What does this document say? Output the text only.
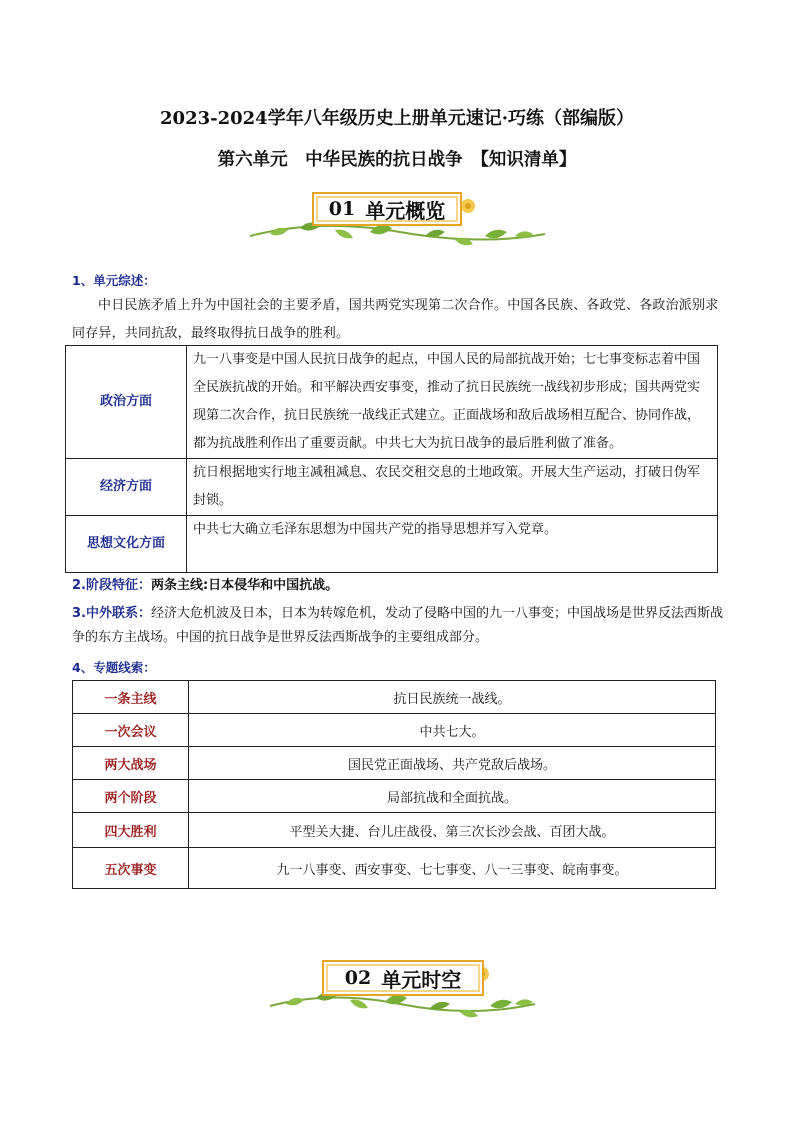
2023-2024学年八年级历史上册单元速记·巧练（部编版）
第六单元　中华民族的抗日战争　【知识清单】
01 单元概览
1、单元综述：
中日民族矛盾上升为中国社会的主要矛盾，国共两党实现第二次合作。中国各民族、各政党、各政治派别求同存异，共同抗敌，最终取得抗日战争的胜利。
政治方面	九一八事变是中国人民抗日战争的起点，中国人民的局部抗战开始；七七事变标志着中国全民族抗战的开始。和平解决西安事变，推动了抗日民族统一战线初步形成；国共两党实现第二次合作，抗日民族统一战线正式建立。正面战场和敌后战场相互配合、协同作战，都为抗战胜利作出了重要贡献。中共七大为抗日战争的最后胜利做了准备。
经济方面	抗日根据地实行地主减租减息、农民交租交息的土地政策。开展大生产运动，打破日伪军封锁。
思想文化方面	中共七大确立毛泽东思想为中国共产党的指导思想并写入党章。
2.阶段特征：两条主线:日本侵华和中国抗战。
3.中外联系：经济大危机波及日本，日本为转嫁危机，发动了侵略中国的九一八事变；中国战场是世界反法西斯战争的东方主战场。中国的抗日战争是世界反法西斯战争的主要组成部分。
4、专题线索：
一条主线	抗日民族统一战线。
一次会议	中共七大。
两大战场	国民党正面战场、共产党敌后战场。
两个阶段	局部抗战和全面抗战。
四大胜利	平型关大捷、台儿庄战役、第三次长沙会战、百团大战。
五次事变	九一八事变、西安事变、七七事变、八一三事变、皖南事变。
02 单元时空
